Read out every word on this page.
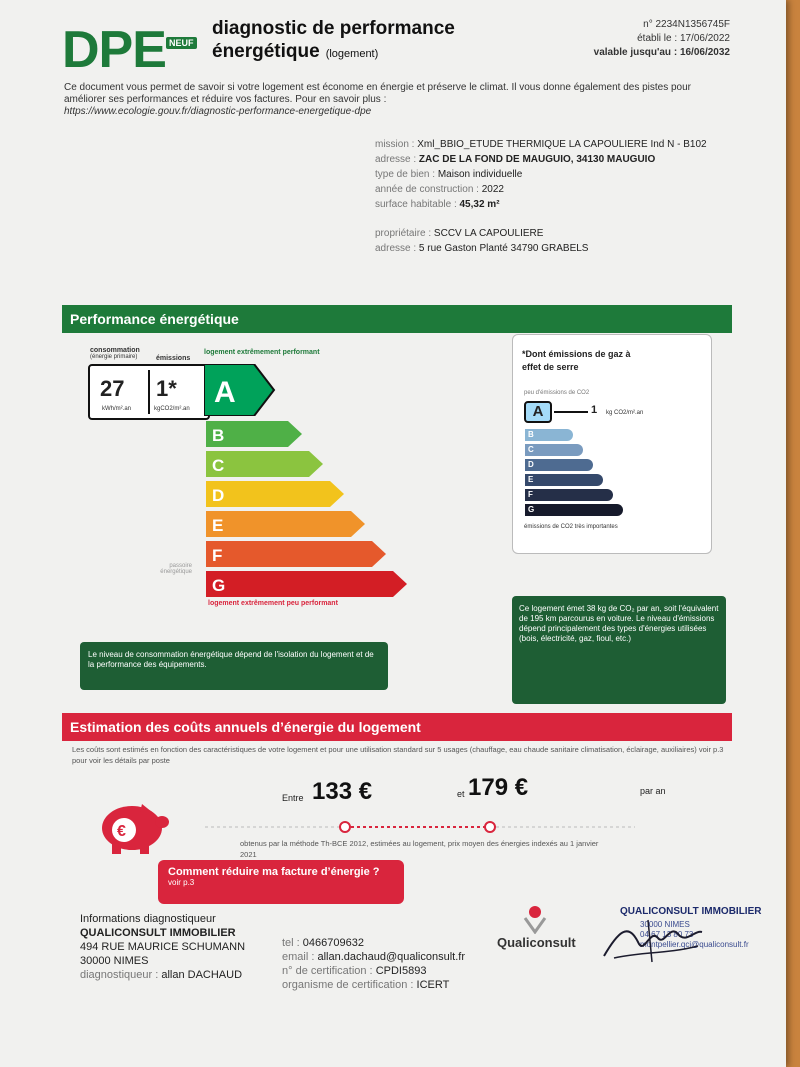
DPE NEUF
diagnostic de performance
énergétique (logement)
n° 2234N1356745F
établi le : 17/06/2022
valable jusqu'au : 16/06/2032
Ce document vous permet de savoir si votre logement est économe en énergie et préserve le climat. Il vous donne également des pistes pour améliorer ses performances et réduire vos factures. Pour en savoir plus :
https://www.ecologie.gouv.fr/diagnostic-performance-energetique-dpe
mission : Xml_BBIO_ETUDE THERMIQUE LA CAPOULIERE Ind N - B102
adresse : ZAC DE LA FOND DE MAUGUIO, 34130 MAUGUIO
type de bien : Maison individuelle
année de construction : 2022
surface habitable : 45,32 m²
propriétaire : SCCV LA CAPOULIERE
adresse : 5 rue Gaston Planté 34790 GRABELS
Performance énergétique
consommation
(énergie primaire)	émissions
logement extrêmement performant
27
kWh/m².an
1*
kgCO2/m².an A
B
C
D
E
F
G
passoire énergétique
logement extrêmement peu performant
Le niveau de consommation énergétique dépend de l'isolation du logement et de la performance des équipements.
*Dont émissions de gaz à effet de serre
peu d'émissions de CO2
A	1 kg CO2/m².an
B
C
D
E
F
G
émissions de CO2 très importantes
Ce logement émet 38 kg de CO₂ par an, soit l'équivalent de 195 km parcourus en voiture. Le niveau d'émissions dépend principalement des types d'énergies utilisées (bois, électricité, gaz, fioul, etc.)
Estimation des coûts annuels d’énergie du logement
Les coûts sont estimés en fonction des caractéristiques de votre logement et pour une utilisation standard sur 5 usages (chauffage, eau chaude sanitaire climatisation, éclairage, auxiliaires) voir p.3 pour voir les détails par poste
€
Entre 133 €	et 179 €	par an
obtenus par la méthode Th-BCE 2012, estimées au logement, prix moyen des énergies indexés au 1 janvier 2021
Comment réduire ma facture d’énergie ?
voir p.3
Informations diagnostiqueur
QUALICONSULT IMMOBILIER
494 RUE MAURICE SCHUMANN
30000 NIMES
diagnostiqueur : allan DACHAUD
tel : 0466709632
email : allan.dachaud@qualiconsult.fr
n° de certification : CPDI5893
organisme de certification : ICERT
Qualiconsult
QUALICONSULT IMMOBILIER
30000 NIMES
04 67 13 80 73
montpellier.qci@qualiconsult.fr
